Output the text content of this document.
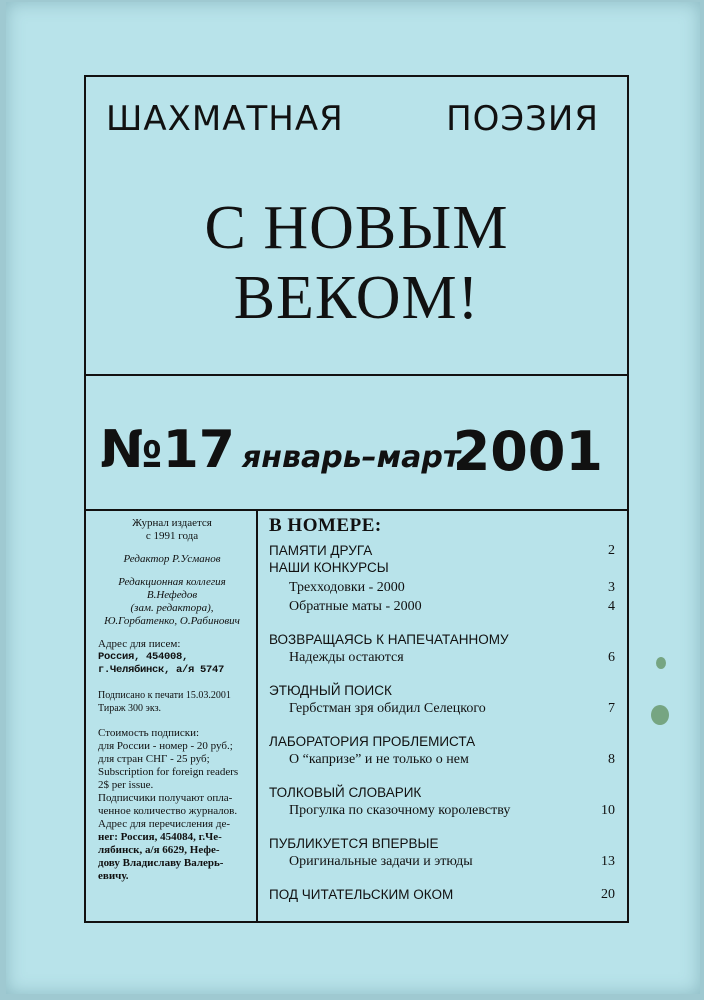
ШАХМАТНАЯ	ПОЭЗИЯ
С НОВЫМ
ВЕКОМ!
№17 январь–март
2001
Журнал издается
с 1991 года
Редактор Р.Усманов
Редакционная коллегия
В.Нефедов
(зам. редактора),
Ю.Горбатенко, О.Рабинович
Адрес для писем:
Россия, 454008,
г.Челябинск, а/я 5747
Подписано к печати 15.03.2001
Тираж 300 экз.
Стоимость подписки:
для России - номер - 20 руб.;
для стран СНГ - 25 руб;
Subscription for foreign readers
2$ per issue.
Подписчики получают опла-
ченное количество журналов.
Адрес для перечисления де-
нег: Россия, 454084, г.Че-
лябинск, а/я 6629, Нефе-
дову Владиславу Валерь-
евичу.
В НОМЕРЕ:
ПАМЯТИ ДРУГА	2
НАШИ КОНКУРСЫ
Трехходовки - 2000	3
Обратные маты - 2000	4
ВОЗВРАЩАЯСЬ К НАПЕЧАТАННОМУ
Надежды остаются	6
ЭТЮДНЫЙ ПОИСК
Гербстман зря обидил Селецкого	7
ЛАБОРАТОРИЯ ПРОБЛЕМИСТА
О “капризе” и не только о нем	8
ТОЛКОВЫЙ СЛОВАРИК
Прогулка по сказочному королевству	10
ПУБЛИКУЕТСЯ ВПЕРВЫЕ
Оригинальные задачи и этюды	13
ПОД ЧИТАТЕЛЬСКИМ ОКОМ	20
